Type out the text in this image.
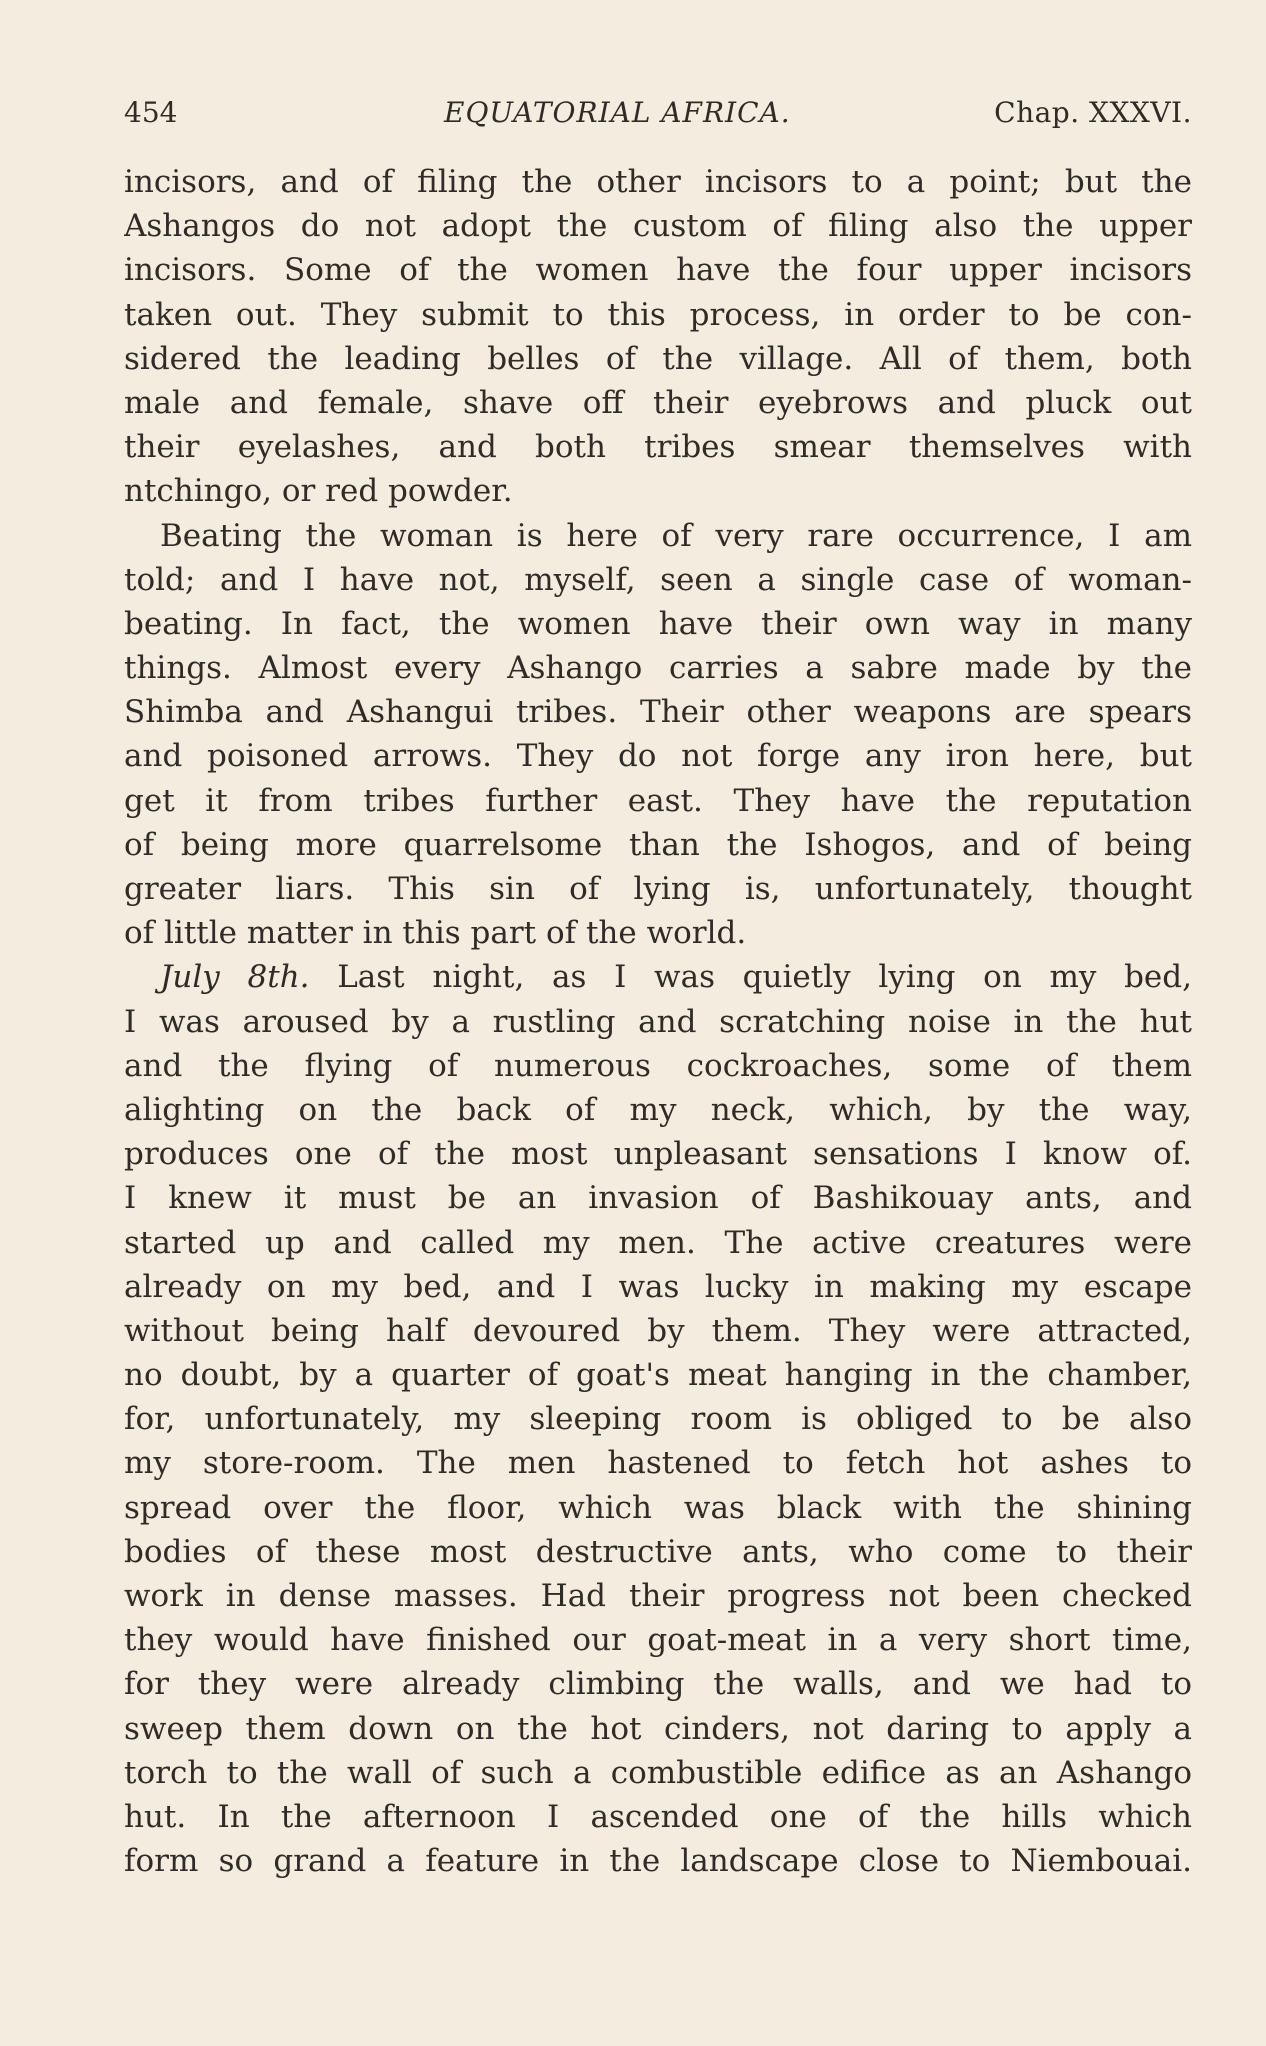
454	EQUATORIAL AFRICA.	Chap. XXXVI.
incisors, and of filing the other incisors to a point; but the
Ashangos do not adopt the custom of filing also the upper
incisors. Some of the women have the four upper incisors
taken out. They submit to this process, in order to be con-
sidered the leading belles of the village. All of them, both
male and female, shave off their eyebrows and pluck out
their eyelashes, and both tribes smear themselves with
ntchingo, or red powder.
Beating the woman is here of very rare occurrence, I am
told; and I have not, myself, seen a single case of woman-
beating. In fact, the women have their own way in many
things. Almost every Ashango carries a sabre made by the
Shimba and Ashangui tribes. Their other weapons are spears
and poisoned arrows. They do not forge any iron here, but
get it from tribes further east. They have the reputation
of being more quarrelsome than the Ishogos, and of being
greater liars. This sin of lying is, unfortunately, thought
of little matter in this part of the world.
July 8th. Last night, as I was quietly lying on my bed,
I was aroused by a rustling and scratching noise in the hut
and the flying of numerous cockroaches, some of them
alighting on the back of my neck, which, by the way,
produces one of the most unpleasant sensations I know of.
I knew it must be an invasion of Bashikouay ants, and
started up and called my men. The active creatures were
already on my bed, and I was lucky in making my escape
without being half devoured by them. They were attracted,
no doubt, by a quarter of goat's meat hanging in the chamber,
for, unfortunately, my sleeping room is obliged to be also
my store-room. The men hastened to fetch hot ashes to
spread over the floor, which was black with the shining
bodies of these most destructive ants, who come to their
work in dense masses. Had their progress not been checked
they would have finished our goat-meat in a very short time,
for they were already climbing the walls, and we had to
sweep them down on the hot cinders, not daring to apply a
torch to the wall of such a combustible edifice as an Ashango
hut. In the afternoon I ascended one of the hills which
form so grand a feature in the landscape close to Niembouai.
